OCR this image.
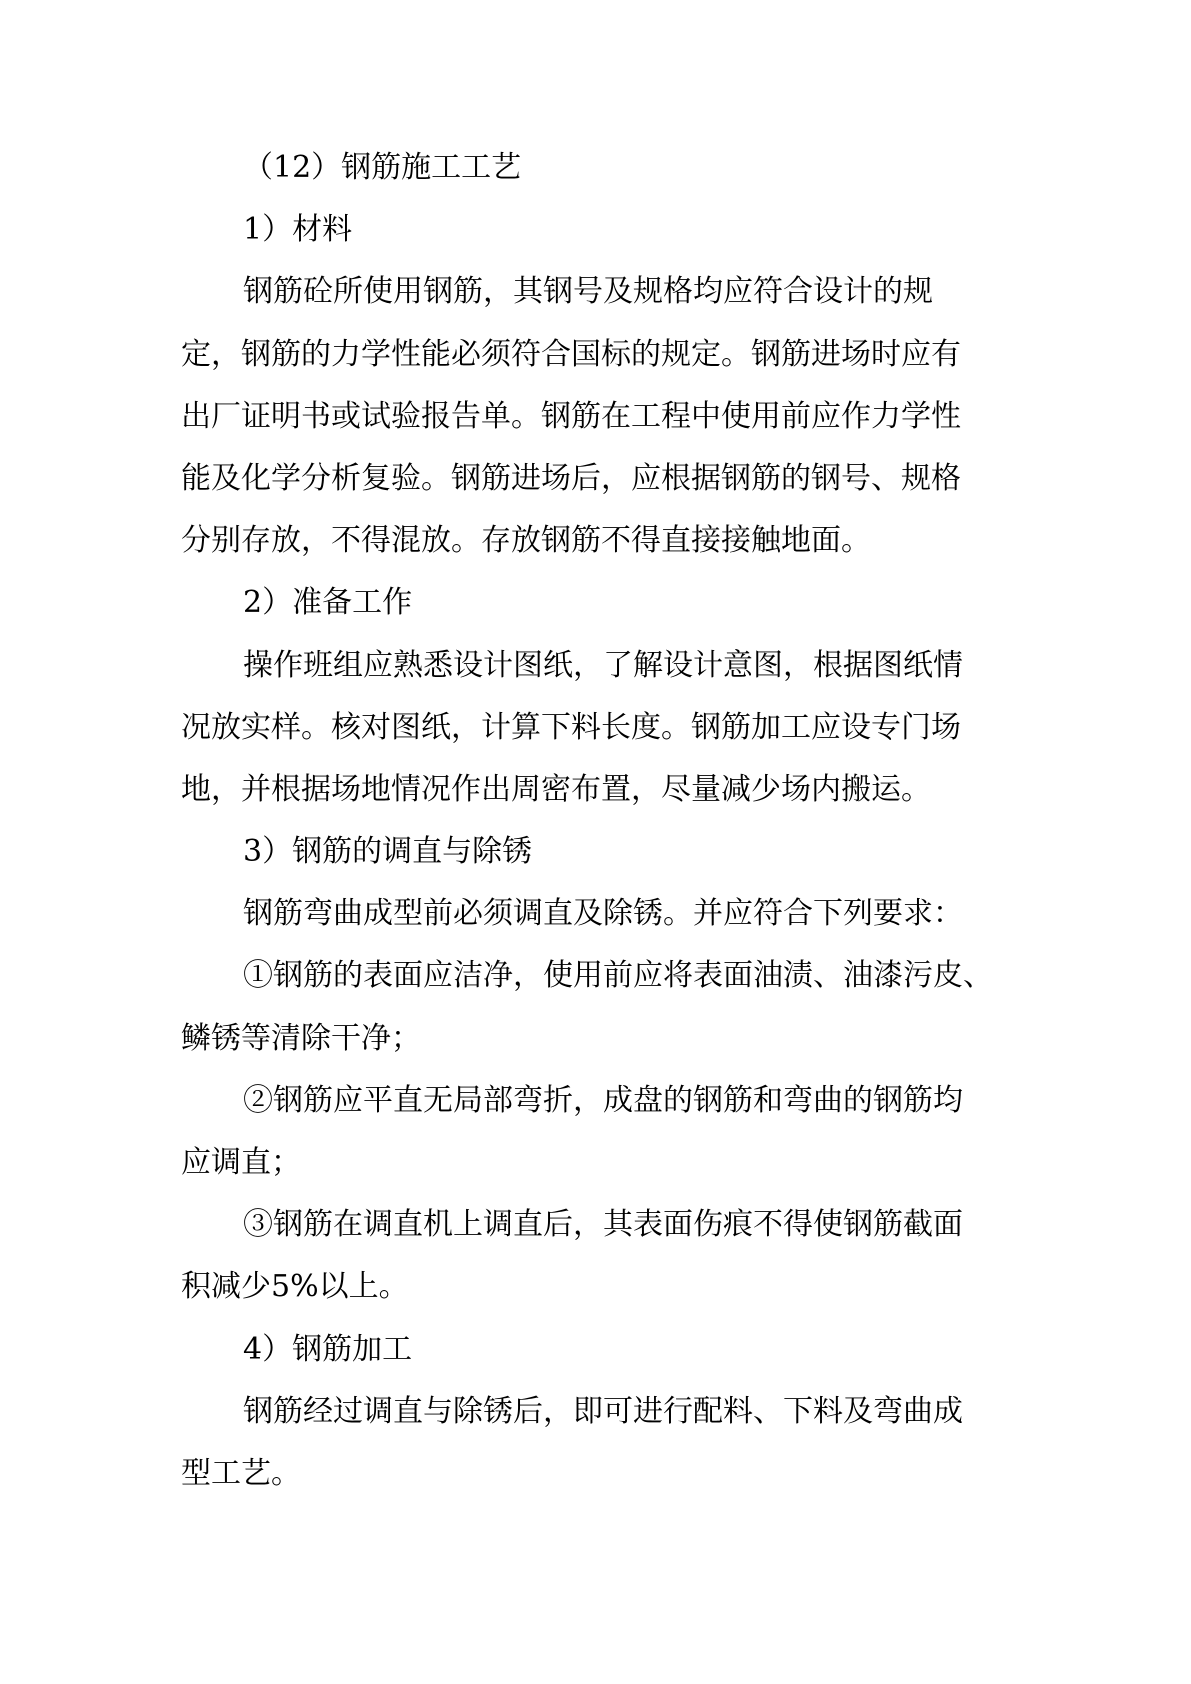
（12）钢筋施工工艺
1）材料
钢筋砼所使用钢筋，其钢号及规格均应符合设计的规
定，钢筋的力学性能必须符合国标的规定。钢筋进场时应有
出厂证明书或试验报告单。钢筋在工程中使用前应作力学性
能及化学分析复验。钢筋进场后，应根据钢筋的钢号、规格
分别存放，不得混放。存放钢筋不得直接接触地面。
2）准备工作
操作班组应熟悉设计图纸，了解设计意图，根据图纸情
况放实样。核对图纸，计算下料长度。钢筋加工应设专门场
地，并根据场地情况作出周密布置，尽量减少场内搬运。
3）钢筋的调直与除锈
钢筋弯曲成型前必须调直及除锈。并应符合下列要求：
①钢筋的表面应洁净，使用前应将表面油渍、油漆污皮、
鳞锈等清除干净；
②钢筋应平直无局部弯折，成盘的钢筋和弯曲的钢筋均
应调直；
③钢筋在调直机上调直后，其表面伤痕不得使钢筋截面
积减少5%以上。
4）钢筋加工
钢筋经过调直与除锈后，即可进行配料、下料及弯曲成
型工艺。
